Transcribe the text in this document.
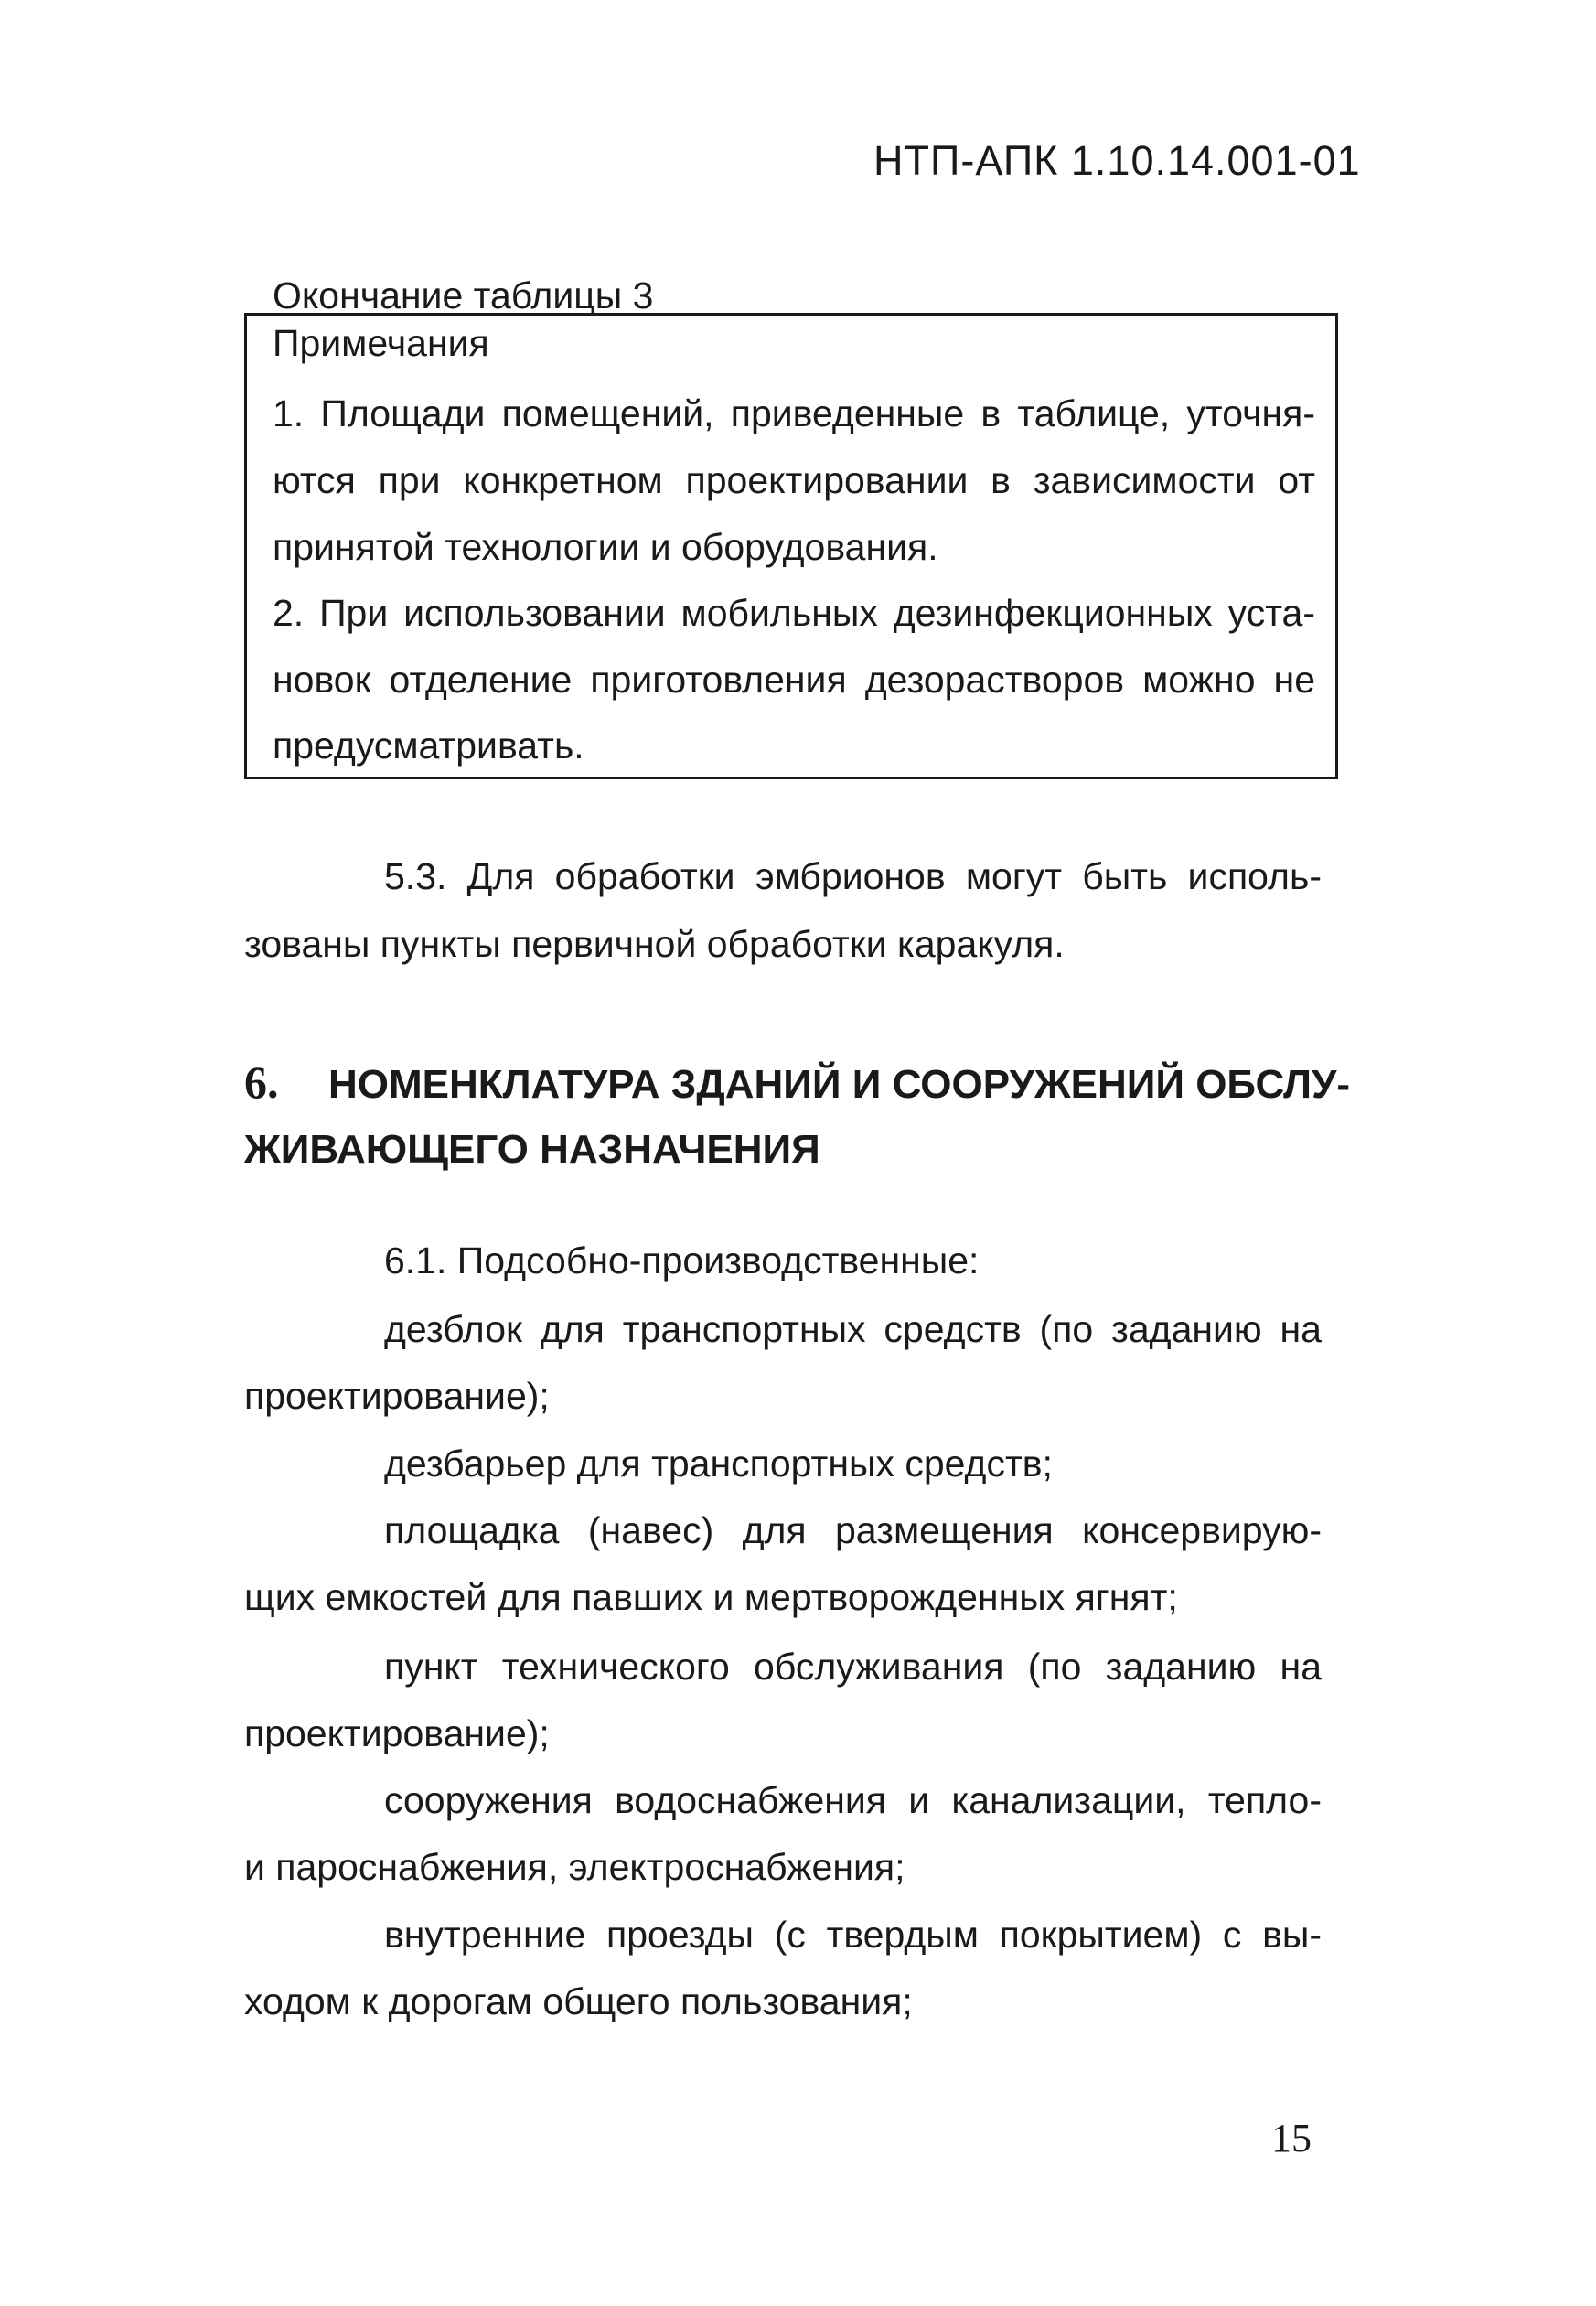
НТП-АПК 1.10.14.001-01
Окончание таблицы 3
Примечания
1. Площади помещений, приведенные в таблице, уточня-
ются при конкретном проектировании в зависимости от
принятой технологии и оборудования.
2. При использовании мобильных дезинфекционных уста-
новок отделение приготовления дезорастворов можно не
предусматривать.
5.3. Для обработки эмбрионов могут быть исполь-
зованы пункты первичной обработки каракуля.
6. НОМЕНКЛАТУРА ЗДАНИЙ И СООРУЖЕНИЙ ОБСЛУ-
ЖИВАЮЩЕГО НАЗНАЧЕНИЯ
6.1. Подсобно-производственные:
дезблок для транспортных средств (по заданию на
проектирование);
дезбарьер для транспортных средств;
площадка (навес) для размещения консервирую-
щих емкостей для павших и мертворожденных ягнят;
пункт технического обслуживания (по заданию на
проектирование);
сооружения водоснабжения и канализации, тепло-
и пароснабжения, электроснабжения;
внутренние проезды (с твердым покрытием) с вы-
ходом к дорогам общего пользования;
15
